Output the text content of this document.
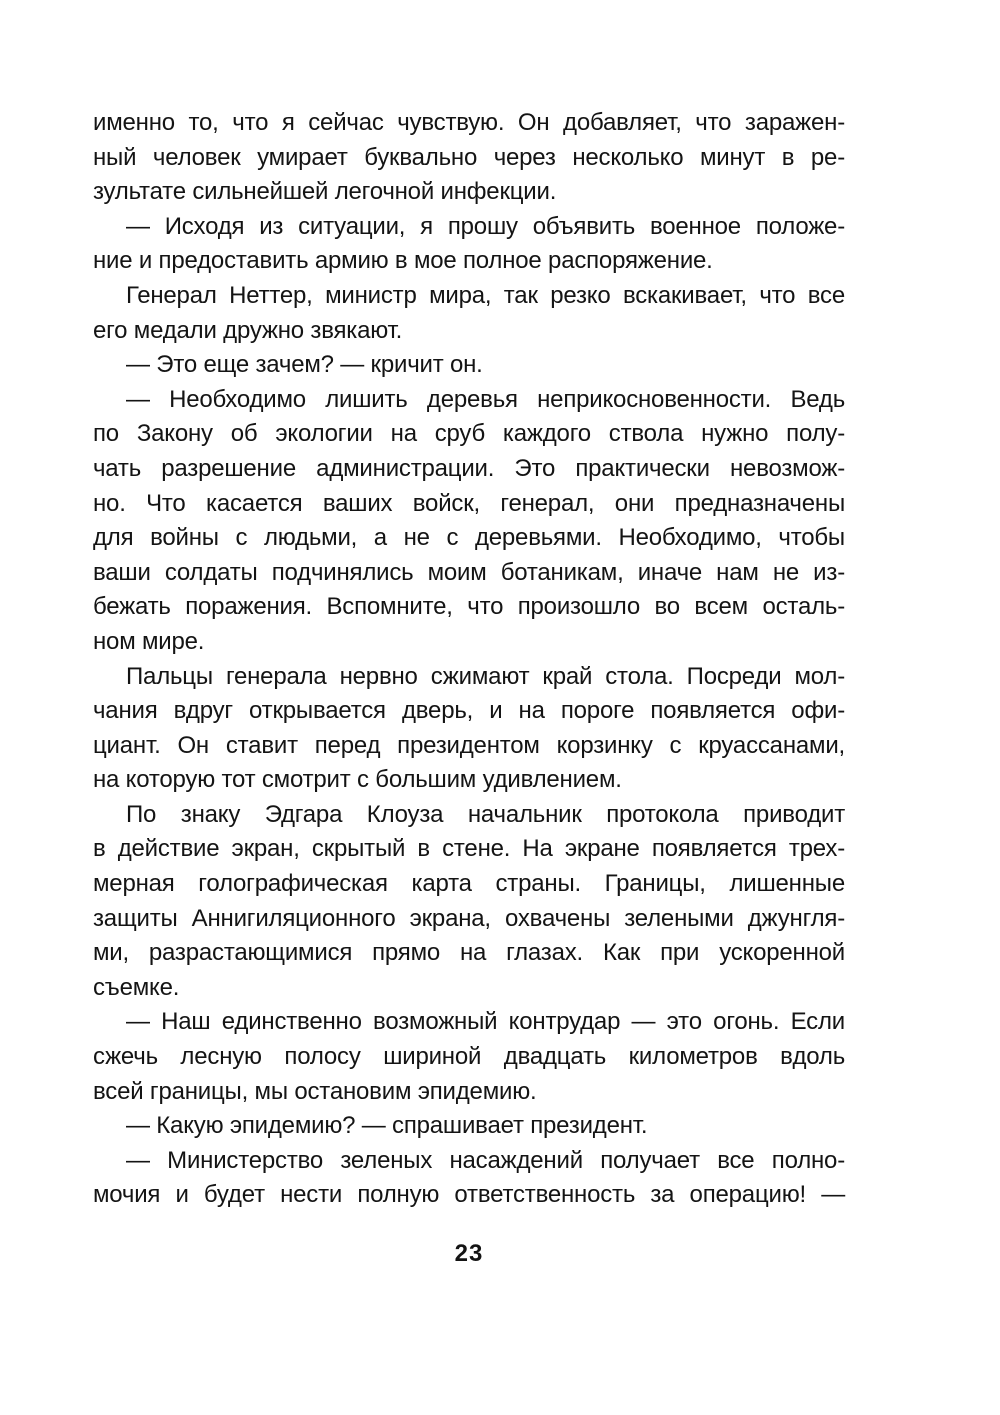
именно то, что я сейчас чувствую. Он добавляет, что заражен-
ный человек умирает буквально через несколько минут в ре-
зультате сильнейшей легочной инфекции.
— Исходя из ситуации, я прошу объявить военное положе-
ние и предоставить армию в мое полное распоряжение.
Генерал Неттер, министр мира, так резко вскакивает, что все
его медали дружно звякают.
— Это еще зачем? — кричит он.
— Необходимо лишить деревья неприкосновенности. Ведь
по Закону об экологии на сруб каждого ствола нужно полу-
чать разрешение администрации. Это практически невозмож-
но. Что касается ваших войск, генерал, они предназначены
для войны с людьми, а не с деревьями. Необходимо, чтобы
ваши солдаты подчинялись моим ботаникам, иначе нам не из-
бежать поражения. Вспомните, что произошло во всем осталь-
ном мире.
Пальцы генерала нервно сжимают край стола. Посреди мол-
чания вдруг открывается дверь, и на пороге появляется офи-
циант. Он ставит перед президентом корзинку с круассанами,
на которую тот смотрит с большим удивлением.
По знаку Эдгара Клоуза начальник протокола приводит
в действие экран, скрытый в стене. На экране появляется трех-
мерная голографическая карта страны. Границы, лишенные
защиты Аннигиляционного экрана, охвачены зелеными джунгля-
ми, разрастающимися прямо на глазах. Как при ускоренной
съемке.
— Наш единственно возможный контрудар — это огонь. Если
сжечь лесную полосу шириной двадцать километров вдоль
всей границы, мы остановим эпидемию.
— Какую эпидемию? — спрашивает президент.
— Министерство зеленых насаждений получает все полно-
мочия и будет нести полную ответственность за операцию! —
23
